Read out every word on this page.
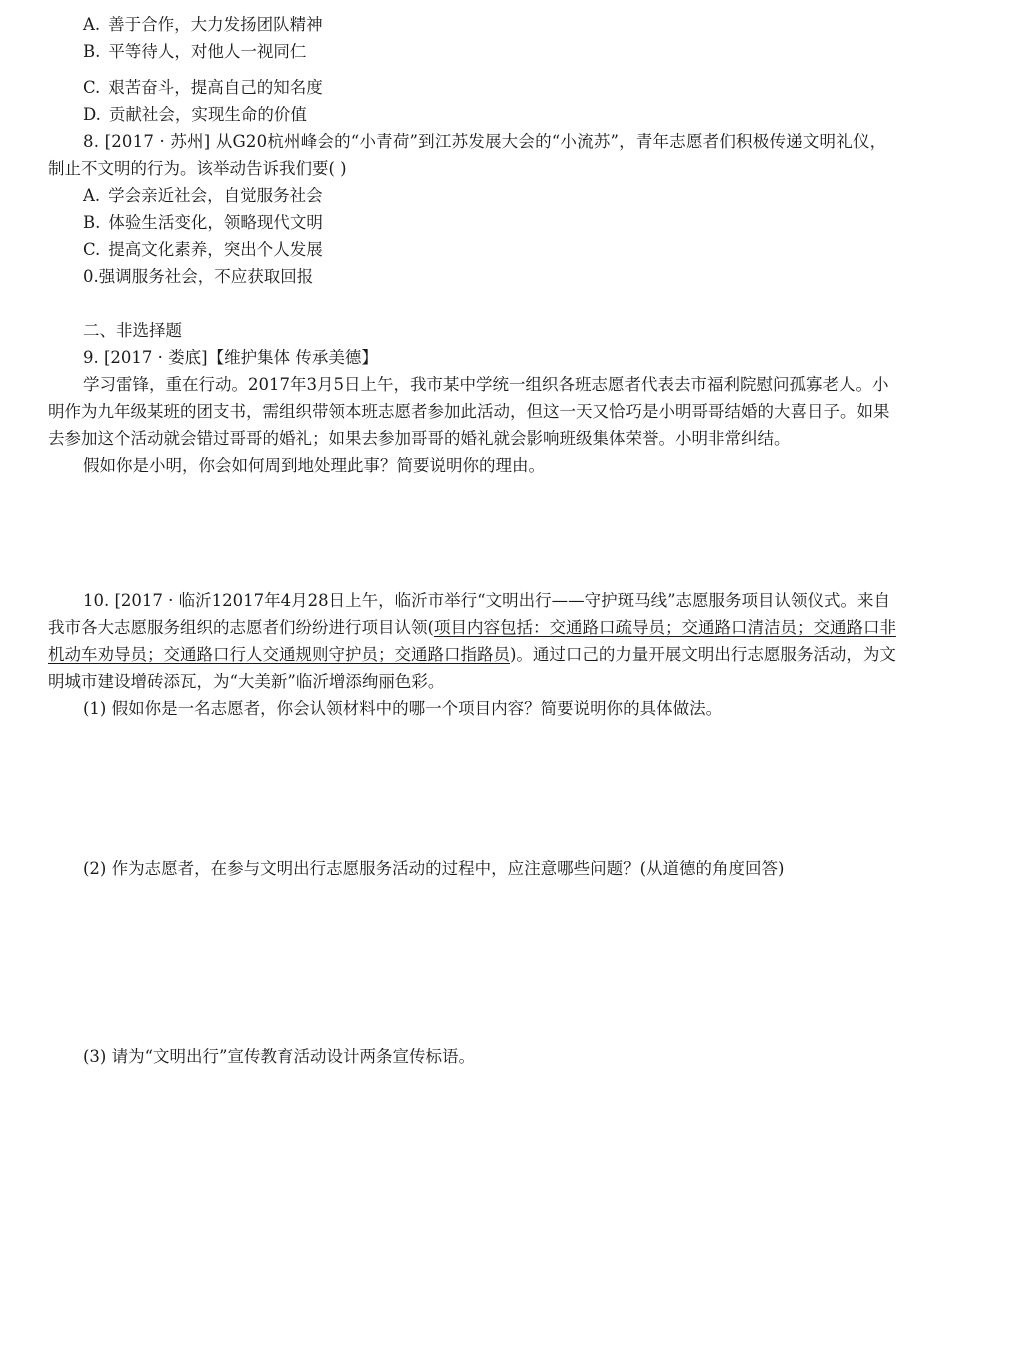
A. 善于合作，大力发扬团队精神
B. 平等待人，对他人一视同仁
C. 艰苦奋斗，提高自己的知名度
D. 贡献社会，实现生命的价值
8. [2017 · 苏州] 从G20杭州峰会的“小青荷”到江苏发展大会的“小流苏”，青年志愿者们积极传递文明礼仪，
制止不文明的行为。该举动告诉我们要( )
A. 学会亲近社会，自觉服务社会
B. 体验生活变化，领略现代文明
C. 提高文化素养，突出个人发展
0.强调服务社会，不应获取回报
二、非选择题
9. [2017 · 娄底]【维护集体 传承美德】
学习雷锋，重在行动。2017年3月5日上午，我市某中学统一组织各班志愿者代表去市福利院慰问孤寡老人。小
明作为九年级某班的团支书，需组织带领本班志愿者参加此活动，但这一天又恰巧是小明哥哥结婚的大喜日子。如果
去参加这个活动就会错过哥哥的婚礼；如果去参加哥哥的婚礼就会影响班级集体荣誉。小明非常纠结。
假如你是小明，你会如何周到地处理此事？简要说明你的理由。
10. [2017 · 临沂12017年4月28日上午，临沂市举行“文明出行——守护斑马线”志愿服务项目认领仪式。来自
我市各大志愿服务组织的志愿者们纷纷进行项目认领(项目内容包括：交通路口疏导员；交通路口清洁员；交通路口非
机动车劝导员；交通路口行人交通规则守护员；交通路口指路员)。通过口己的力量开展文明出行志愿服务活动，为文
明城市建设增砖添瓦，为“大美新”临沂增添绚丽色彩。
(1) 假如你是一名志愿者，你会认领材料中的哪一个项目内容？简要说明你的具体做法。
(2) 作为志愿者，在参与文明出行志愿服务活动的过程中，应注意哪些问题？(从道德的角度回答)
(3) 请为“文明出行”宣传教育活动设计两条宣传标语。
